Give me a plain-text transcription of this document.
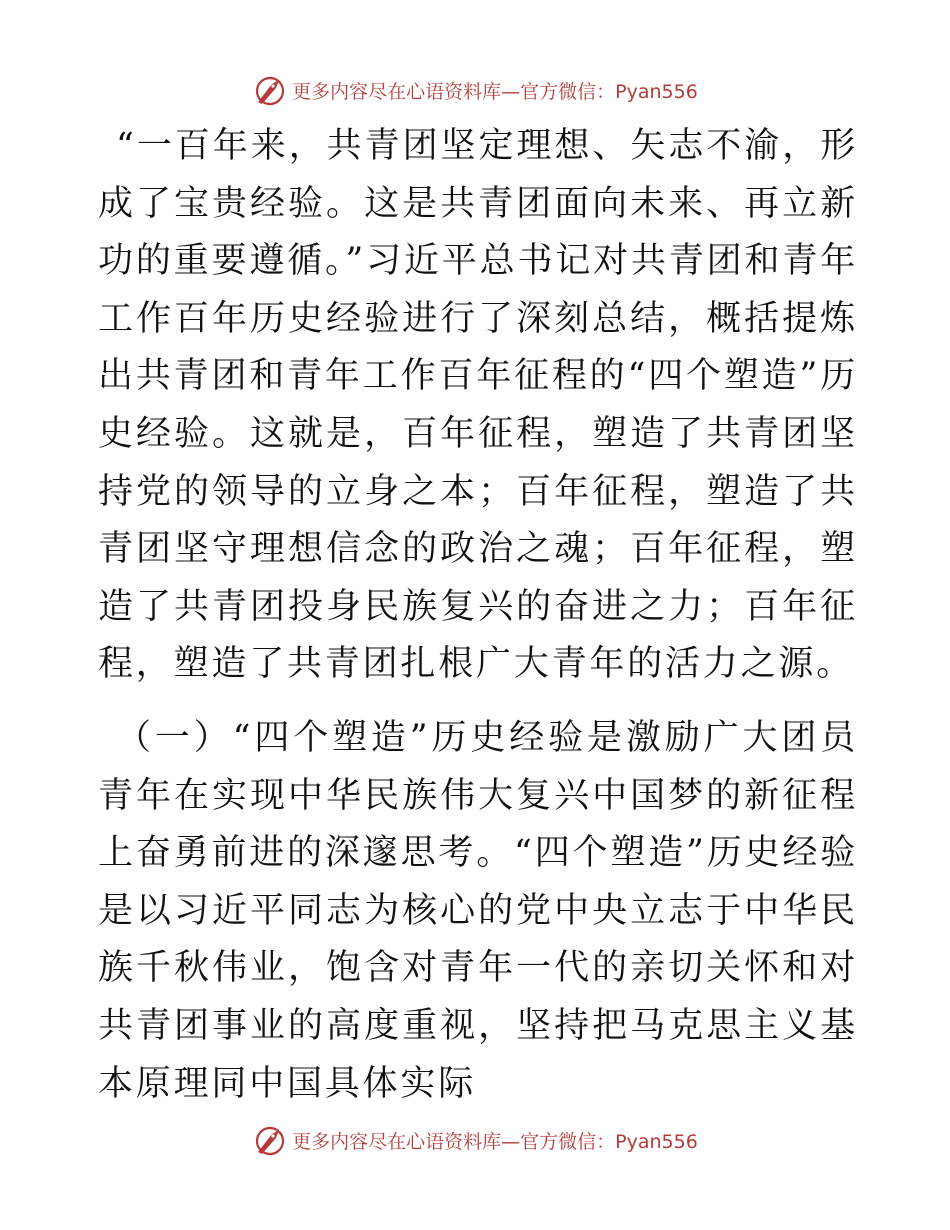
更多内容尽在心语资料库—官方微信：Pyan556

“一百年来，共青团坚定理想、矢志不渝，形成了宝贵经验。这是共青团面向未来、再立新功的重要遵循。”习近平总书记对共青团和青年工作百年历史经验进行了深刻总结，概括提炼出共青团和青年工作百年征程的“四个塑造”历史经验。这就是，百年征程，塑造了共青团坚持党的领导的立身之本；百年征程，塑造了共青团坚守理想信念的政治之魂；百年征程，塑造了共青团投身民族复兴的奋进之力；百年征程，塑造了共青团扎根广大青年的活力之源。

（一）“四个塑造”历史经验是激励广大团员青年在实现中华民族伟大复兴中国梦的新征程上奋勇前进的深邃思考。“四个塑造”历史经验是以习近平同志为核心的党中央立志于中华民族千秋伟业，饱含对青年一代的亲切关怀和对共青团事业的高度重视，坚持把马克思主义基本原理同中国具体实际

更多内容尽在心语资料库—官方微信：Pyan556
